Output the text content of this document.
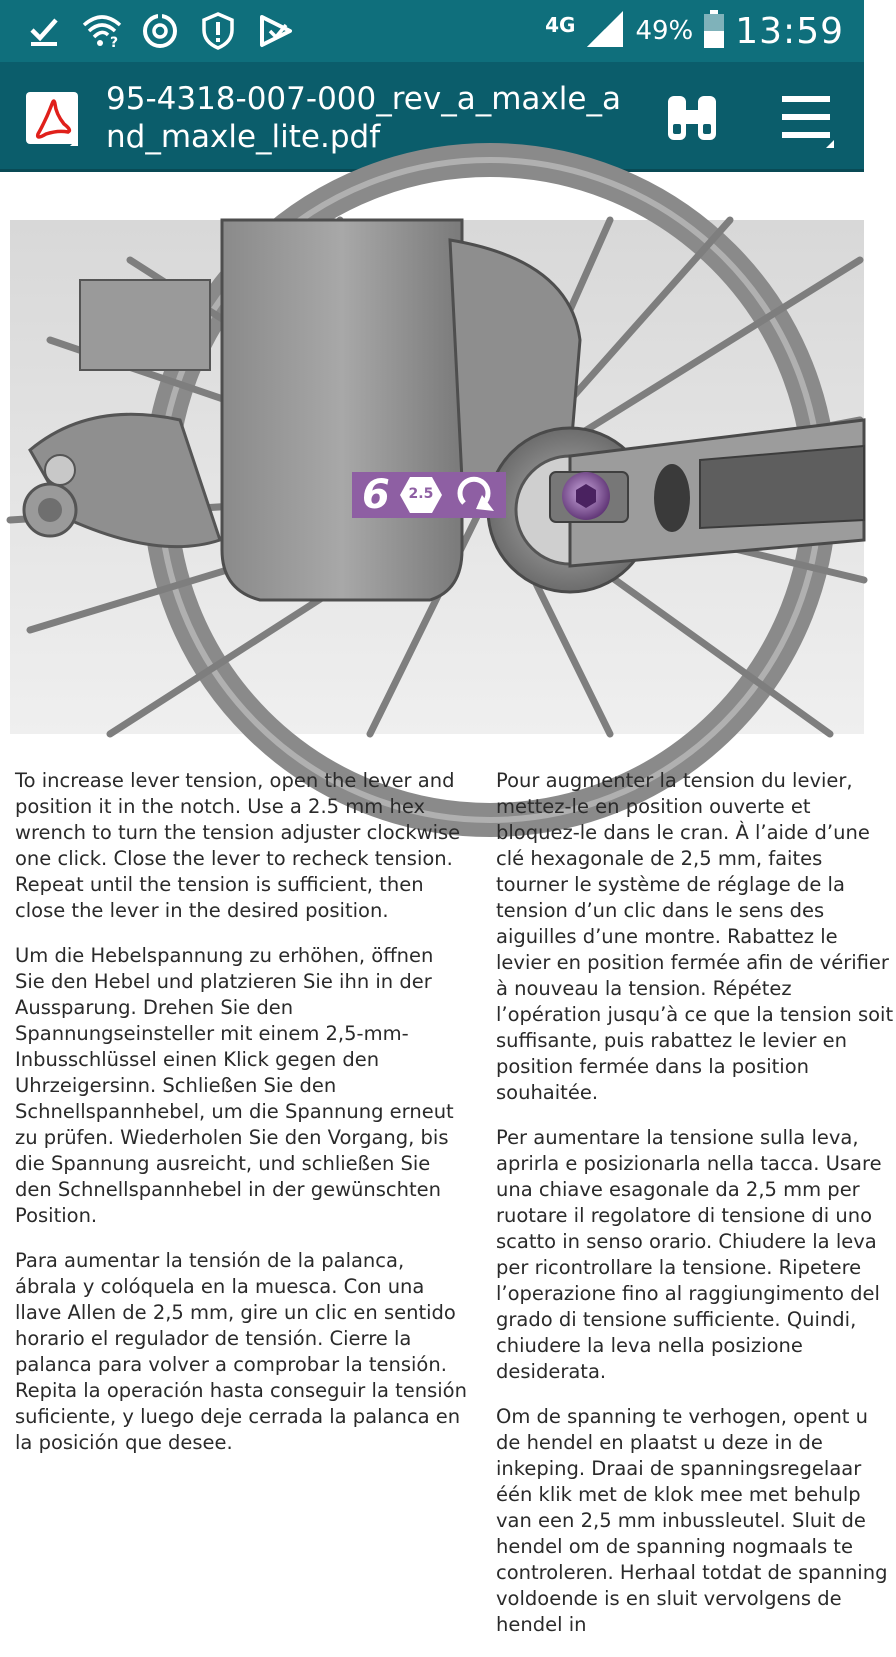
?
4G 49% 13:59
95-4318-007-000_rev_a_maxle_and_maxle_lite.pdf
6	2.5

To increase lever tension, open the lever and position it in the notch. Use a 2.5 mm hex wrench to turn the tension adjuster clockwise one click. Close the lever to recheck tension. Repeat until the tension is sufficient, then close the lever in the desired position.

Um die Hebelspannung zu erhöhen, öffnen Sie den Hebel und platzieren Sie ihn in der Aussparung. Drehen Sie den Spannungseinsteller mit einem 2,5-mm-Inbusschlüssel einen Klick gegen den Uhrzeigersinn. Schließen Sie den Schnellspannhebel, um die Spannung erneut zu prüfen. Wiederholen Sie den Vorgang, bis die Spannung ausreicht, und schließen Sie den Schnellspannhebel in der gewünschten Position.

Para aumentar la tensión de la palanca, ábrala y colóquela en la muesca. Con una llave Allen de 2,5 mm, gire un clic en sentido horario el regulador de tensión. Cierre la palanca para volver a comprobar la tensión. Repita la operación hasta conseguir la tensión suficiente, y luego deje cerrada la palanca en la posición que desee.

Pour augmenter la tension du levier, mettez-le en position ouverte et bloquez-le dans le cran. À l’aide d’une clé hexagonale de 2,5 mm, faites tourner le système de réglage de la tension d’un clic dans le sens des aiguilles d’une montre. Rabattez le levier en position fermée afin de vérifier à nouveau la tension. Répétez l’opération jusqu’à ce que la tension soit suffisante, puis rabattez le levier en position fermée dans la position souhaitée.

Per aumentare la tensione sulla leva, aprirla e posizionarla nella tacca. Usare una chiave esagonale da 2,5 mm per ruotare il regolatore di tensione di uno scatto in senso orario. Chiudere la leva per ricontrollare la tensione. Ripetere l’operazione fino al raggiungimento del grado di tensione sufficiente. Quindi, chiudere la leva nella posizione desiderata.

Om de spanning te verhogen, opent u de hendel en plaatst u deze in de inkeping. Draai de spanningsregelaar één klik met de klok mee met behulp van een 2,5 mm inbussleutel. Sluit de hendel om de spanning nogmaals te controleren. Herhaal totdat de spanning voldoende is en sluit vervolgens de hendel in
